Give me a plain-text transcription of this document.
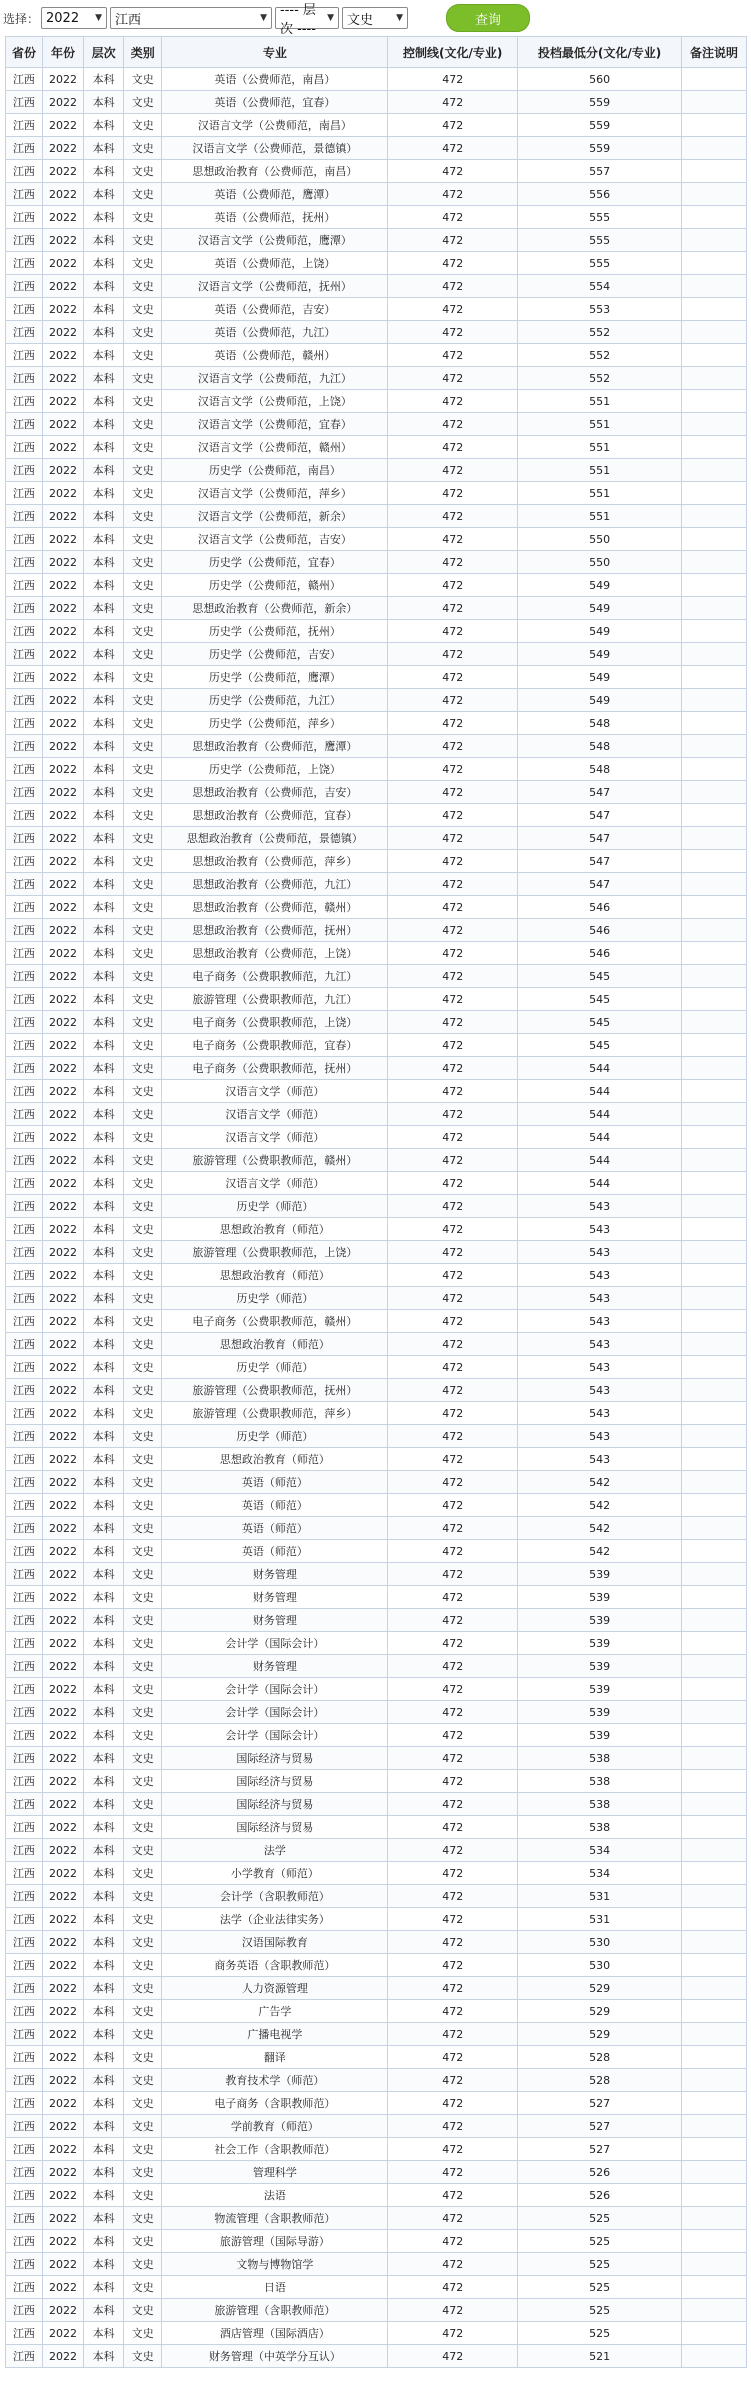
选择： 2022 ▼ 江西	▼ ---- 层次 ----
▼ 文史	▼	查询
省份	年份	层次	类别	专业	控制线(文化/专业)	投档最低分(文化/专业)	备注说明
江西	2022	本科	文史	英语（公费师范，南昌）	472	560	
江西	2022	本科	文史	英语（公费师范，宜春）	472	559	
江西	2022	本科	文史	汉语言文学（公费师范，南昌）	472	559	
江西	2022	本科	文史	汉语言文学（公费师范，景德镇）	472	559	
江西	2022	本科	文史	思想政治教育（公费师范，南昌）	472	557	
江西	2022	本科	文史	英语（公费师范，鹰潭）	472	556	
江西	2022	本科	文史	英语（公费师范，抚州）	472	555	
江西	2022	本科	文史	汉语言文学（公费师范，鹰潭）	472	555	
江西	2022	本科	文史	英语（公费师范，上饶）	472	555	
江西	2022	本科	文史	汉语言文学（公费师范，抚州）	472	554	
江西	2022	本科	文史	英语（公费师范，吉安）	472	553	
江西	2022	本科	文史	英语（公费师范，九江）	472	552	
江西	2022	本科	文史	英语（公费师范，赣州）	472	552	
江西	2022	本科	文史	汉语言文学（公费师范，九江）	472	552	
江西	2022	本科	文史	汉语言文学（公费师范，上饶）	472	551	
江西	2022	本科	文史	汉语言文学（公费师范，宜春）	472	551	
江西	2022	本科	文史	汉语言文学（公费师范，赣州）	472	551	
江西	2022	本科	文史	历史学（公费师范，南昌）	472	551	
江西	2022	本科	文史	汉语言文学（公费师范，萍乡）	472	551	
江西	2022	本科	文史	汉语言文学（公费师范，新余）	472	551	
江西	2022	本科	文史	汉语言文学（公费师范，吉安）	472	550	
江西	2022	本科	文史	历史学（公费师范，宜春）	472	550	
江西	2022	本科	文史	历史学（公费师范，赣州）	472	549	
江西	2022	本科	文史	思想政治教育（公费师范，新余）	472	549	
江西	2022	本科	文史	历史学（公费师范，抚州）	472	549	
江西	2022	本科	文史	历史学（公费师范，吉安）	472	549	
江西	2022	本科	文史	历史学（公费师范，鹰潭）	472	549	
江西	2022	本科	文史	历史学（公费师范，九江）	472	549	
江西	2022	本科	文史	历史学（公费师范，萍乡）	472	548	
江西	2022	本科	文史	思想政治教育（公费师范，鹰潭）	472	548	
江西	2022	本科	文史	历史学（公费师范，上饶）	472	548	
江西	2022	本科	文史	思想政治教育（公费师范，吉安）	472	547	
江西	2022	本科	文史	思想政治教育（公费师范，宜春）	472	547	
江西	2022	本科	文史	思想政治教育（公费师范，景德镇）	472	547	
江西	2022	本科	文史	思想政治教育（公费师范，萍乡）	472	547	
江西	2022	本科	文史	思想政治教育（公费师范，九江）	472	547	
江西	2022	本科	文史	思想政治教育（公费师范，赣州）	472	546	
江西	2022	本科	文史	思想政治教育（公费师范，抚州）	472	546	
江西	2022	本科	文史	思想政治教育（公费师范，上饶）	472	546	
江西	2022	本科	文史	电子商务（公费职教师范，九江）	472	545	
江西	2022	本科	文史	旅游管理（公费职教师范，九江）	472	545	
江西	2022	本科	文史	电子商务（公费职教师范，上饶）	472	545	
江西	2022	本科	文史	电子商务（公费职教师范，宜春）	472	545	
江西	2022	本科	文史	电子商务（公费职教师范，抚州）	472	544	
江西	2022	本科	文史	汉语言文学（师范）	472	544	
江西	2022	本科	文史	汉语言文学（师范）	472	544	
江西	2022	本科	文史	汉语言文学（师范）	472	544	
江西	2022	本科	文史	旅游管理（公费职教师范，赣州）	472	544	
江西	2022	本科	文史	汉语言文学（师范）	472	544	
江西	2022	本科	文史	历史学（师范）	472	543	
江西	2022	本科	文史	思想政治教育（师范）	472	543	
江西	2022	本科	文史	旅游管理（公费职教师范，上饶）	472	543	
江西	2022	本科	文史	思想政治教育（师范）	472	543	
江西	2022	本科	文史	历史学（师范）	472	543	
江西	2022	本科	文史	电子商务（公费职教师范，赣州）	472	543	
江西	2022	本科	文史	思想政治教育（师范）	472	543	
江西	2022	本科	文史	历史学（师范）	472	543	
江西	2022	本科	文史	旅游管理（公费职教师范，抚州）	472	543	
江西	2022	本科	文史	旅游管理（公费职教师范，萍乡）	472	543	
江西	2022	本科	文史	历史学（师范）	472	543	
江西	2022	本科	文史	思想政治教育（师范）	472	543	
江西	2022	本科	文史	英语（师范）	472	542	
江西	2022	本科	文史	英语（师范）	472	542	
江西	2022	本科	文史	英语（师范）	472	542	
江西	2022	本科	文史	英语（师范）	472	542	
江西	2022	本科	文史	财务管理	472	539	
江西	2022	本科	文史	财务管理	472	539	
江西	2022	本科	文史	财务管理	472	539	
江西	2022	本科	文史	会计学（国际会计）	472	539	
江西	2022	本科	文史	财务管理	472	539	
江西	2022	本科	文史	会计学（国际会计）	472	539	
江西	2022	本科	文史	会计学（国际会计）	472	539	
江西	2022	本科	文史	会计学（国际会计）	472	539	
江西	2022	本科	文史	国际经济与贸易	472	538	
江西	2022	本科	文史	国际经济与贸易	472	538	
江西	2022	本科	文史	国际经济与贸易	472	538	
江西	2022	本科	文史	国际经济与贸易	472	538	
江西	2022	本科	文史	法学	472	534	
江西	2022	本科	文史	小学教育（师范）	472	534	
江西	2022	本科	文史	会计学（含职教师范）	472	531	
江西	2022	本科	文史	法学（企业法律实务）	472	531	
江西	2022	本科	文史	汉语国际教育	472	530	
江西	2022	本科	文史	商务英语（含职教师范）	472	530	
江西	2022	本科	文史	人力资源管理	472	529	
江西	2022	本科	文史	广告学	472	529	
江西	2022	本科	文史	广播电视学	472	529	
江西	2022	本科	文史	翻译	472	528	
江西	2022	本科	文史	教育技术学（师范）	472	528	
江西	2022	本科	文史	电子商务（含职教师范）	472	527	
江西	2022	本科	文史	学前教育（师范）	472	527	
江西	2022	本科	文史	社会工作（含职教师范）	472	527	
江西	2022	本科	文史	管理科学	472	526	
江西	2022	本科	文史	法语	472	526	
江西	2022	本科	文史	物流管理（含职教师范）	472	525	
江西	2022	本科	文史	旅游管理（国际导游）	472	525	
江西	2022	本科	文史	文物与博物馆学	472	525	
江西	2022	本科	文史	日语	472	525	
江西	2022	本科	文史	旅游管理（含职教师范）	472	525	
江西	2022	本科	文史	酒店管理（国际酒店）	472	525	
江西	2022	本科	文史	财务管理（中英学分互认）	472	521	
